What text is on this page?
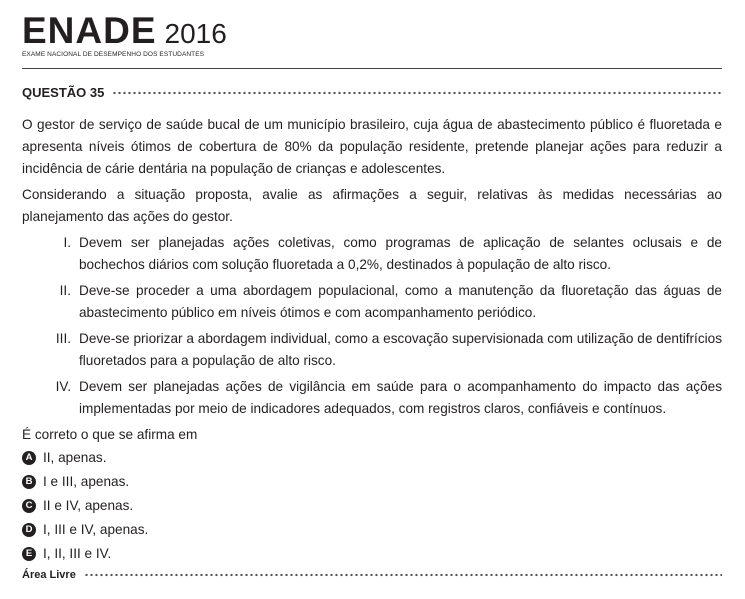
ENADE 2016
EXAME NACIONAL DE DESEMPENHO DOS ESTUDANTES
QUESTÃO 35

O gestor de serviço de saúde bucal de um município brasileiro, cuja água de abastecimento público é fluoretada e apresenta níveis ótimos de cobertura de 80% da população residente, pretende planejar ações para reduzir a incidência de cárie dentária na população de crianças e adolescentes.

Considerando a situação proposta, avalie as afirmações a seguir, relativas às medidas necessárias ao planejamento das ações do gestor.

I. Devem ser planejadas ações coletivas, como programas de aplicação de selantes oclusais e de bochechos diários com solução fluoretada a 0,2%, destinados à população de alto risco.
II. Deve-se proceder a uma abordagem populacional, como a manutenção da fluoretação das águas de abastecimento público em níveis ótimos e com acompanhamento periódico.
III. Deve-se priorizar a abordagem individual, como a escovação supervisionada com utilização de dentifrícios fluoretados para a população de alto risco.
IV. Devem ser planejadas ações de vigilância em saúde para o acompanhamento do impacto das ações implementadas por meio de indicadores adequados, com registros claros, confiáveis e contínuos.

É correto o que se afirma em

A II, apenas.
B I e III, apenas.
C II e IV, apenas.
D I, III e IV, apenas.
E I, II, III e IV.
Área Livre
